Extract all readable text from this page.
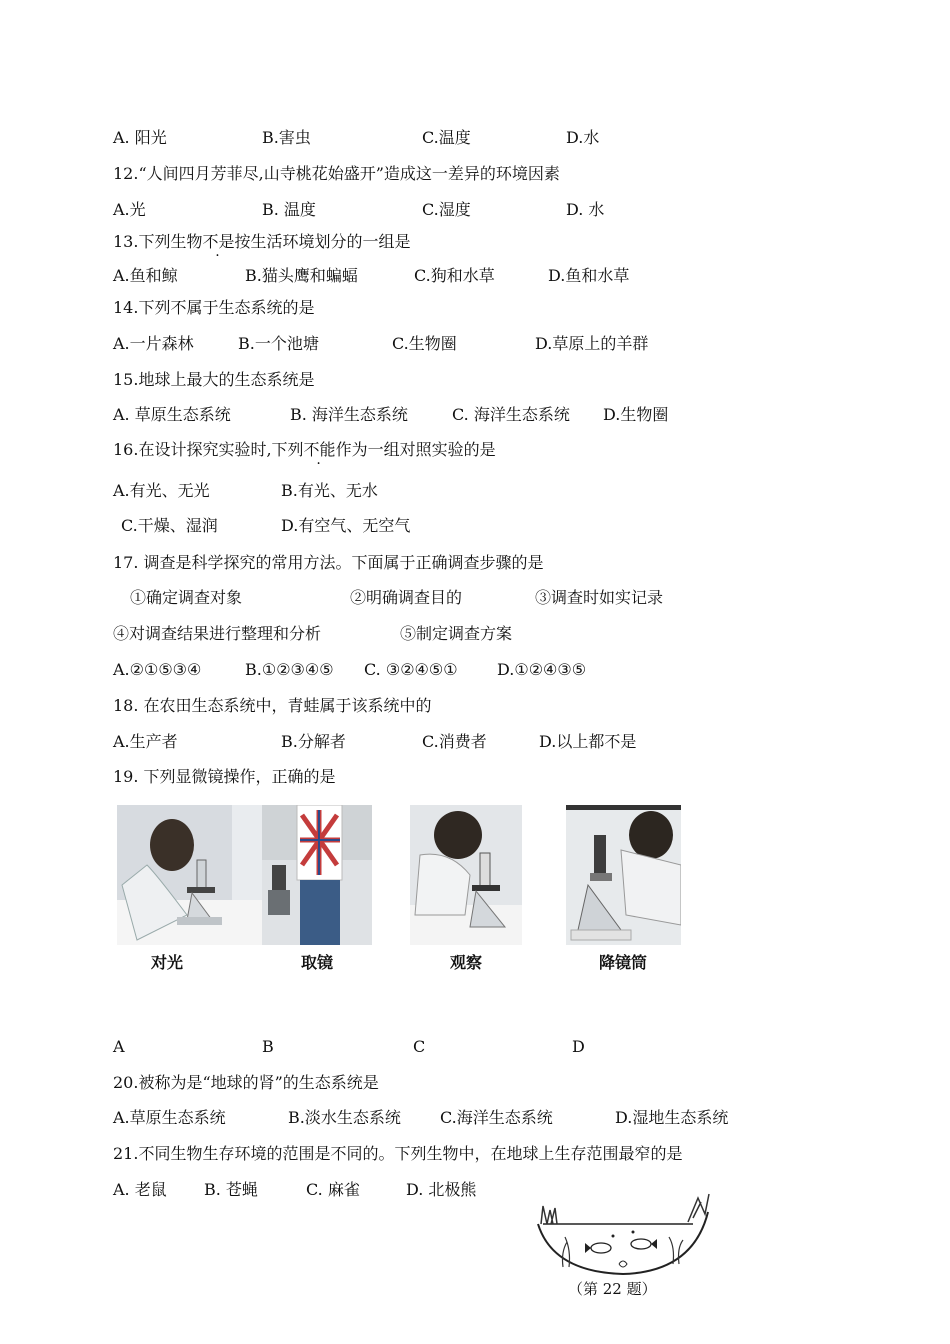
A. 阳光	B.害虫	C.温度	D.水
12.“人间四月芳菲尽,山寺桃花始盛开”造成这一差异的环境因素
A.光	B. 温度	C.湿度	D. 水
13.下列生物不是按生活环境划分的一组是
A.鱼和鲸	B.猫头鹰和蝙蝠	C.狗和水草	D.鱼和水草
14.下列不属于生态系统的是
A.一片森林	B.一个池塘	C.生物圈	D.草原上的羊群
15.地球上最大的生态系统是
A. 草原生态系统	B. 海洋生态系统	C. 海洋生态系统 D.生物圈
16.在设计探究实验时,下列不能作为一组对照实验的是
A.有光、无光	B.有光、无水
C.干燥、湿润	D.有空气、无空气
17. 调查是科学探究的常用方法。下面属于正确调查步骤的是
①确定调查对象	②明确调查目的	③调查时如实记录
④对调查结果进行整理和分析	⑤制定调查方案
A.②①⑤③④	B.①②③④⑤ C. ③②④⑤① D.①②④③⑤
18. 在农田生态系统中，青蛙属于该系统中的
A.生产者	B.分解者	C.消费者	D.以上都不是
19. 下列显微镜操作，正确的是
对光	取镜	观察	降镜筒
A	B	C	D
20.被称为是“地球的肾”的生态系统是
A.草原生态系统	B.淡水生态系统 C.海洋生态系统	D.湿地生态系统
21.不同生物生存环境的范围是不同的。下列生物中，在地球上生存范围最窄的是
A. 老鼠 B. 苍蝇	C. 麻雀	D. 北极熊
（第 22 题）
